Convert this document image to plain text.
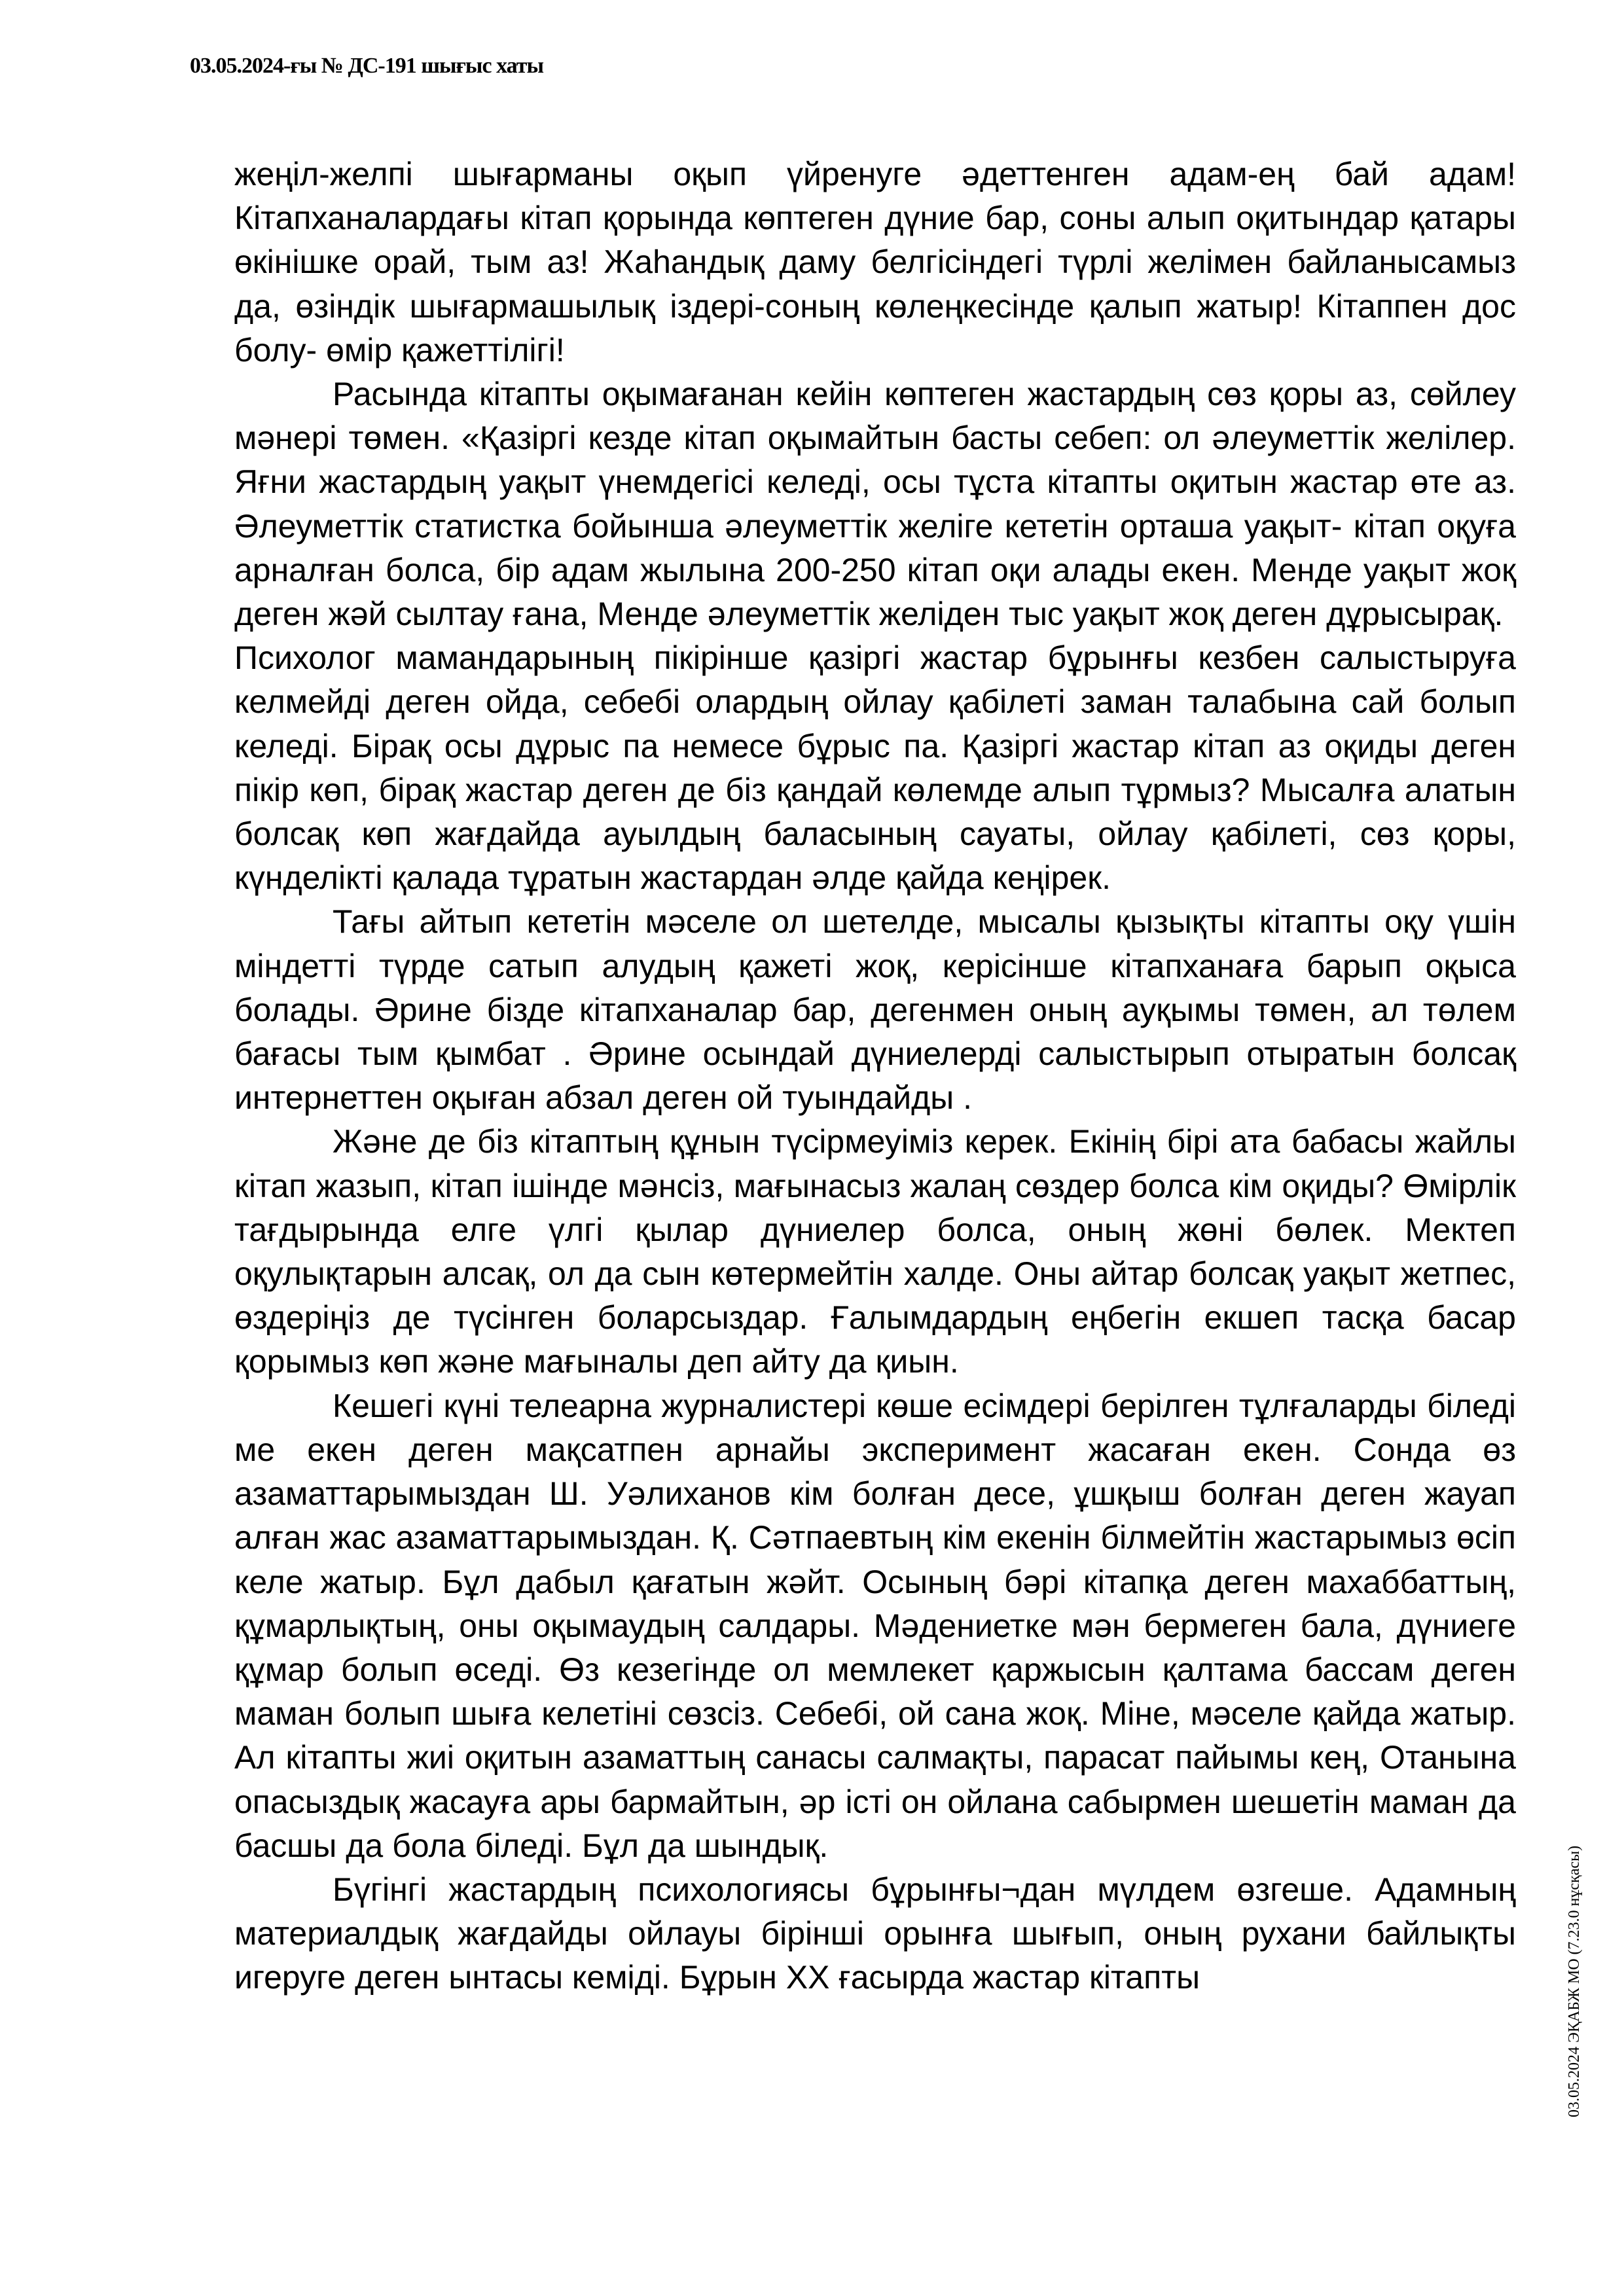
03.05.2024-ғы № ДС-191 шығыс хаты

жеңіл-желпі шығарманы оқып үйренуге әдеттенген адам-ең бай адам! Кітапханалардағы кітап қорында көптеген дүние бар, соны алып оқитындар қатары өкінішке орай, тым аз! Жаһандық даму белгісіндегі түрлі желімен байланысамыз да, өзіндік шығармашылық іздері-соның көлеңкесінде қалып жатыр! Кітаппен дос болу- өмір қажеттілігі!

Расында кітапты оқымағанан кейін көптеген жастардың сөз қоры аз, сөйлеу мәнері төмен. «Қазіргі кезде кітап оқымайтын басты себеп: ол әлеуметтік желілер. Яғни жастардың уақыт үнемдегісі келеді, осы тұста кітапты оқитын жастар өте аз. Әлеуметтік статистка бойынша әлеуметтік желіге кететін орташа уақыт- кітап оқуға арналған болса, бір адам жылына 200-250 кітап оқи алады екен. Менде уақыт жоқ деген жәй сылтау ғана, Менде әлеуметтік желіден тыс уақыт жоқ деген дұрысырақ.

Психолог мамандарының пікірінше қазіргі жастар бұрынғы кезбен салыстыруға келмейді деген ойда, себебі олардың ойлау қабілеті заман талабына сай болып келеді. Бірақ осы дұрыс па немесе бұрыс па. Қазіргі жастар кітап аз оқиды деген пікір көп, бірақ жастар деген де біз қандай көлемде алып тұрмыз? Мысалға алатын болсақ көп жағдайда ауылдың баласының сауаты, ойлау қабілеті, сөз қоры, күнделікті қалада тұратын жастардан әлде қайда кеңірек.

Тағы айтып кететін мәселе ол шетелде, мысалы қызықты кітапты оқу үшін міндетті түрде сатып алудың қажеті жоқ, керісінше кітапханаға барып оқыса болады. Әрине бізде кітапханалар бар, дегенмен оның ауқымы төмен, ал төлем бағасы тым қымбат . Әрине осындай дүниелерді салыстырып отыратын болсақ интернеттен оқыған абзал деген ой туындайды .

Және де біз кітаптың құнын түсірмеуіміз керек. Екінің бірі ата бабасы жайлы кітап жазып, кітап ішінде мәнсіз, мағынасыз жалаң сөздер болса кім оқиды? Өмірлік тағдырында елге үлгі қылар дүниелер болса, оның жөні бөлек. Мектеп оқулықтарын алсақ, ол да сын көтермейтін халде. Оны айтар болсақ уақыт жетпес, өздеріңіз де түсінген боларсыздар. Ғалымдардың еңбегін екшеп тасқа басар қорымыз көп және мағыналы деп айту да қиын.

Кешегі күні телеарна журналистері көше есімдері берілген тұлғаларды біледі ме екен деген мақсатпен арнайы эксперимент жасаған екен. Сонда өз азаматтарымыздан Ш. Уәлиханов кім болған десе, ұшқыш болған деген жауап алған жас азаматтарымыздан. Қ. Сәтпаевтың кім екенін білмейтін жастарымыз өсіп келе жатыр. Бұл дабыл қағатын жәйт. Осының бәрі кітапқа деген махаббаттың, құмарлықтың, оны оқымаудың салдары. Мәдениетке мән бермеген бала, дүниеге құмар болып өседі. Өз кезегінде ол мемлекет қаржысын қалтама бассам деген маман болып шыға келетіні сөзсіз. Себебі, ой сана жоқ. Міне, мәселе қайда жатыр. Ал кітапты жиі оқитын азаматтың санасы салмақты, парасат пайымы кең, Отанына опасыздық жасауға ары бармайтын, әр істі он ойлана сабырмен шешетін маман да басшы да бола біледі. Бұл да шындық.

Бүгінгі жастардың психологиясы бұрынғы¬дан мүлдем өзгеше. Адамның материалдық жағдайды ойлауы бірінші орынға шығып, оның рухани байлықты игеруге деген ынтасы кеміді. Бұрын ХХ ғасырда жастар кітапты	03.05.2024 ЭҚАБЖ МО (7.23.0 нұсқасы)
